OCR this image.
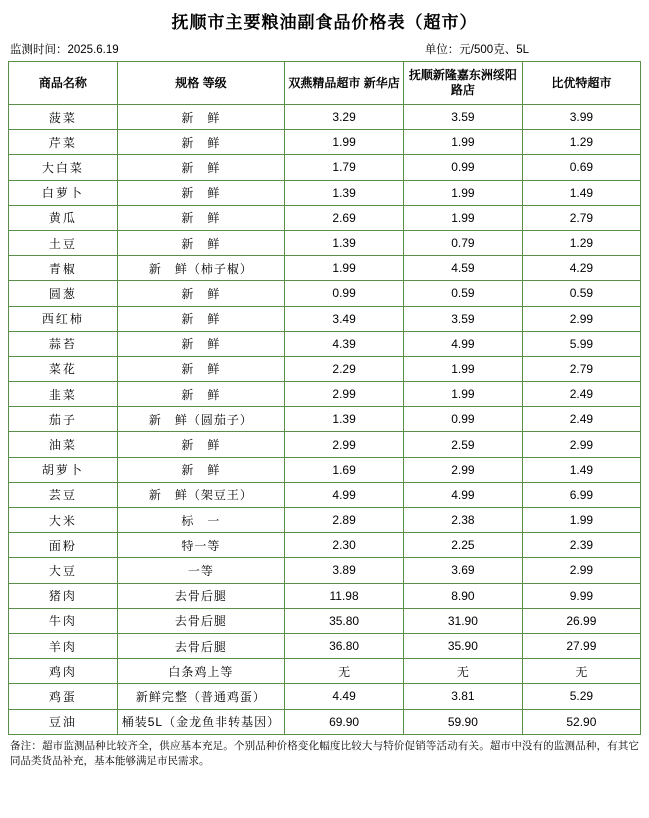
抚顺市主要粮油副食品价格表（超市）
监测时间：2025.6.19	单位：元/500克、5L
商品名称	规格 等级	双燕精品超市 新华店	抚顺新隆嘉东洲绥阳路店	比优特超市
菠菜	新　鲜	3.29	3.59	3.99
芹菜	新　鲜	1.99	1.99	1.29
大白菜	新　鲜	1.79	0.99	0.69
白萝卜	新　鲜	1.39	1.99	1.49
黄瓜	新　鲜	2.69	1.99	2.79
土豆	新　鲜	1.39	0.79	1.29
青椒	新　鲜（柿子椒）	1.99	4.59	4.29
圆葱	新　鲜	0.99	0.59	0.59
西红柿	新　鲜	3.49	3.59	2.99
蒜苔	新　鲜	4.39	4.99	5.99
菜花	新　鲜	2.29	1.99	2.79
韭菜	新　鲜	2.99	1.99	2.49
茄子	新　鲜（圆茄子）	1.39	0.99	2.49
油菜	新　鲜	2.99	2.59	2.99
胡萝卜	新　鲜	1.69	2.99	1.49
芸豆	新　鲜（架豆王）	4.99	4.99	6.99
大米	标　一	2.89	2.38	1.99
面粉	特一等	2.30	2.25	2.39
大豆	一等	3.89	3.69	2.99
猪肉	去骨后腿	11.98	8.90	9.99
牛肉	去骨后腿	35.80	31.90	26.99
羊肉	去骨后腿	36.80	35.90	27.99
鸡肉	白条鸡上等	无	无	无
鸡蛋	新鲜完整（普通鸡蛋）	4.49	3.81	5.29
豆油	桶装5L（金龙鱼非转基因）	69.90	59.90	52.90
备注：超市监测品种比较齐全，供应基本充足。个别品种价格变化幅度比较大与特价促销等活动有关。超市中没有的监测品种，有其它同品类货品补充，基本能够满足市民需求。
